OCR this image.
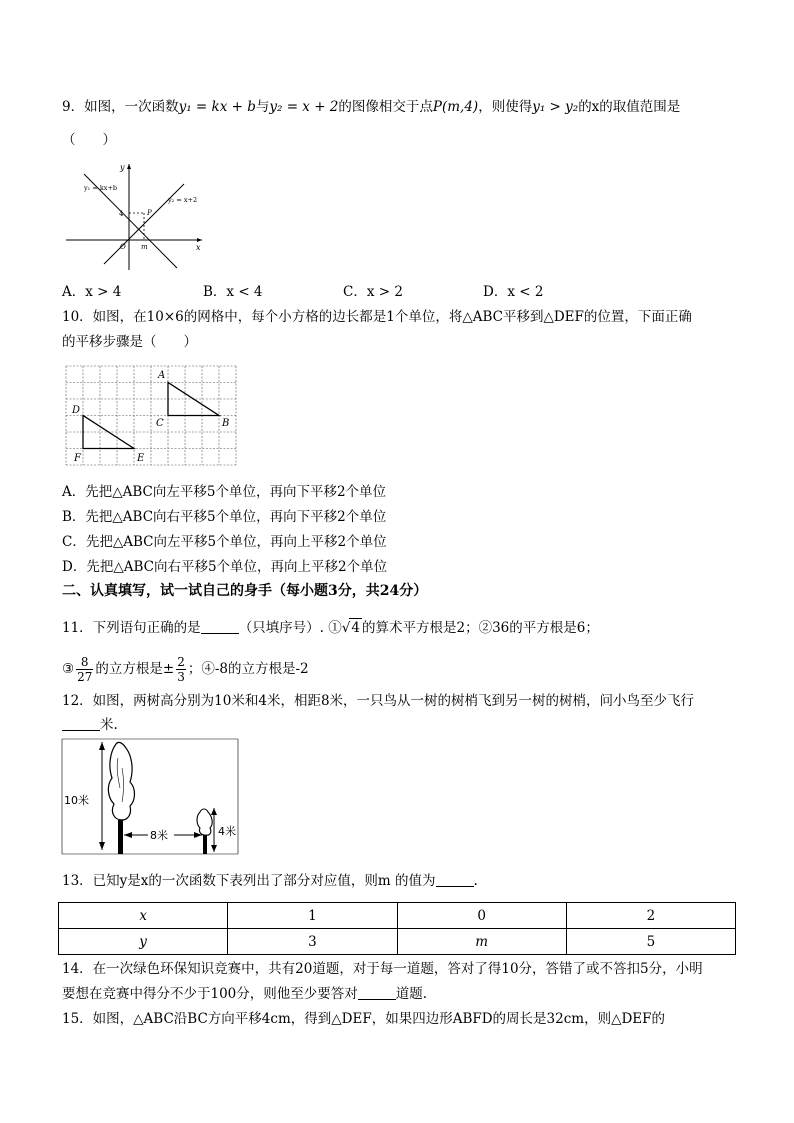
9．如图，一次函数y₁ = kx + b与y₂ = x + 2的图像相交于点P(m,4)，则使得y₁ > y₂的x的取值范围是
（　　）
y
x
y₁ = kx+b
y₂ = x+2
4
O m
P
A．x > 4	B．x < 4	C．x > 2	D．x < 2
10．如图，在10×6的网格中，每个小方格的边长都是1个单位，将△ABC平移到△DEF的位置，下面正确
的平移步骤是（　　）
A
B
C
D
E
F
A．先把△ABC向左平移5个单位，再向下平移2个单位
B．先把△ABC向右平移5个单位，再向下平移2个单位
C．先把△ABC向左平移5个单位，再向上平移2个单位
D．先把△ABC向右平移5个单位，再向上平移2个单位
二、认真填写，试一试自己的身手（每小题3分，共24分）
11．下列语句正确的是	（只填序号）. ①√4 的算术平方根是2；②36的平方根是6；
③ $\frac{8}{27}$ 的立方根是± $\frac{2}{3}$ ；④-8的立方根是-2
12．如图，两树高分别为10米和4米，相距8米，一只鸟从一树的树梢飞到另一树的树梢，问小鸟至少飞行
米.
10米
8米	4米
13．已知y是x的一次函数下表列出了部分对应值，则m 的值为	.
x	1	0	2
y	3	m	5
14．在一次绿色环保知识竞赛中，共有20道题，对于每一道题，答对了得10分，答错了或不答扣5分，小明
要想在竞赛中得分不少于100分，则他至少要答对	道题.
15．如图，△ABC沿BC方向平移4cm，得到△DEF，如果四边形ABFD的周长是32cm，则△DEF的
